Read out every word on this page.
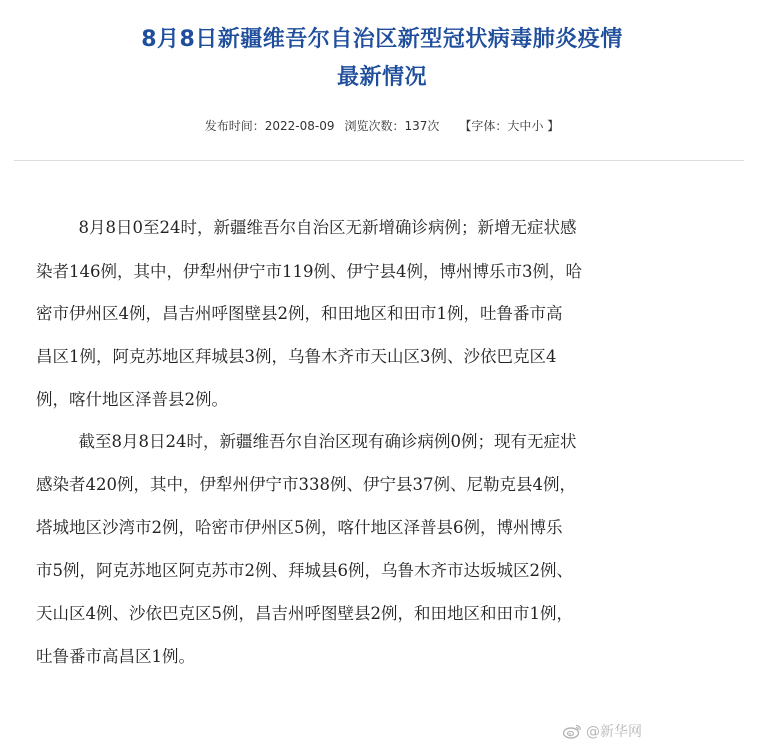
8月8日新疆维吾尔自治区新型冠状病毒肺炎疫情
最新情况
发布时间：2022-08-09 浏览次数：137次 【字体：大中小 】
　8月8日0至24时，新疆维吾尔自治区无新增确诊病例；新增无症状感
染者146例，其中，伊犁州伊宁市119例、伊宁县4例，博州博乐市3例，哈
密市伊州区4例，昌吉州呼图壁县2例，和田地区和田市1例，吐鲁番市高
昌区1例，阿克苏地区拜城县3例，乌鲁木齐市天山区3例、沙依巴克区4
例，喀什地区泽普县2例。
　截至8月8日24时，新疆维吾尔自治区现有确诊病例0例；现有无症状
感染者420例，其中，伊犁州伊宁市338例、伊宁县37例、尼勒克县4例，
塔城地区沙湾市2例，哈密市伊州区5例，喀什地区泽普县6例，博州博乐
市5例，阿克苏地区阿克苏市2例、拜城县6例，乌鲁木齐市达坂城区2例、
天山区4例、沙依巴克区5例，昌吉州呼图壁县2例，和田地区和田市1例，
吐鲁番市高昌区1例。
@新华网
